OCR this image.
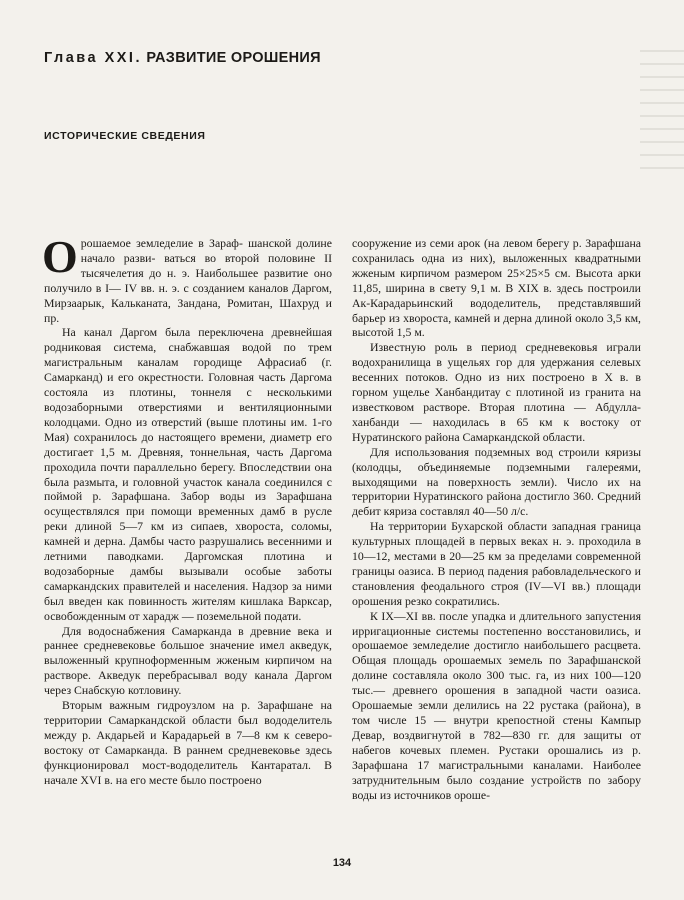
Глава XXI. РАЗВИТИЕ ОРОШЕНИЯ
ИСТОРИЧЕСКИЕ СВЕДЕНИЯ

О рошаемое земледелие в Зараф- шанской долине начало разви- ваться во второй половине II тысячелетия до н. э. Наибольшее развитие оно получило в I— IV вв. н. э. с созданием каналов Даргом, Мирзаарык, Кальканата, Зандана, Ромитан, Шахруд и пр.

На канал Даргом была переключена древнейшая родниковая система, снабжавшая водой по трем магистральным каналам городище Афрасиаб (г. Самарканд) и его окрестности. Головная часть Даргома состояла из плотины, тоннеля с несколькими водозаборными отверстиями и вентиляционными колодцами. Одно из отверстий (выше плотины им. 1-го Мая) сохранилось до настоящего времени, диаметр его достигает 1,5 м. Древняя, тоннельная, часть Даргома проходила почти параллельно берегу. Впоследствии она была размыта, и головной участок канала соединился с поймой р. Зарафшана. Забор воды из Зарафшана осуществлялся при помощи временных дамб в русле реки длиной 5—7 км из сипаев, хвороста, соломы, камней и дерна. Дамбы часто разрушались весенними и летними паводками. Даргомская плотина и водозаборные дамбы вызывали особые заботы самаркандских правителей и населения. Надзор за ними был введен как повинность жителям кишлака Варксар, освобожденным от харадж — поземельной подати.

Для водоснабжения Самарканда в древние века и раннее средневековье большое значение имел акведук, выложенный крупноформенным жженым кирпичом на растворе. Акведук перебрасывал воду канала Даргом через Снабскую котловину.

Вторым важным гидроузлом на р. Зарафшане на территории Самаркандской области был вододелитель между р. Акдарьей и Карадарьей в 7—8 км к северо-востоку от Самарканда. В раннем средневековье здесь функционировал мост-вододелитель Кантаратал. В начале XVI в. на его месте было построено

сооружение из семи арок (на левом берегу р. Зарафшана сохранилась одна из них), выложенных квадратными жженым кирпичом размером 25×25×5 см. Высота арки 11,85, ширина в свету 9,1 м. В XIX в. здесь построили Ак-Карадарьинский вододелитель, представлявший барьер из хвороста, камней и дерна длиной около 3,5 км, высотой 1,5 м.

Известную роль в период средневековья играли водохранилища в ущельях гор для удержания селевых весенних потоков. Одно из них построено в X в. в горном ущелье Ханбандитау с плотиной из гранита на известковом растворе. Вторая плотина — Абдулла-ханбанди — находилась в 65 км к востоку от Нуратинского района Самаркандской области.

Для использования подземных вод строили кяризы (колодцы, объединяемые подземными галереями, выходящими на поверхность земли). Число их на территории Нуратинского района достигло 360. Средний дебит кяриза составлял 40—50 л/с.

На территории Бухарской области западная граница культурных площадей в первых веках н. э. проходила в 10—12, местами в 20—25 км за пределами современной границы оазиса. В период падения рабовладельческого и становления феодального строя (IV—VI вв.) площади орошения резко сократились.

К IX—XI вв. после упадка и длительного запустения ирригационные системы постепенно восстановились, и орошаемое земледелие достигло наибольшего расцвета. Общая площадь орошаемых земель по Зарафшанской долине составляла около 300 тыс. га, из них 100—120 тыс.— древнего орошения в западной части оазиса. Орошаемые земли делились на 22 рустака (района), в том числе 15 — внутри крепостной стены Кампыр Девар, воздвигнутой в 782—830 гг. для защиты от набегов кочевых племен. Рустаки орошались из р. Зарафшана 17 магистральными каналами. Наиболее затруднительным было создание устройств по забору воды из источников ороше-

134
